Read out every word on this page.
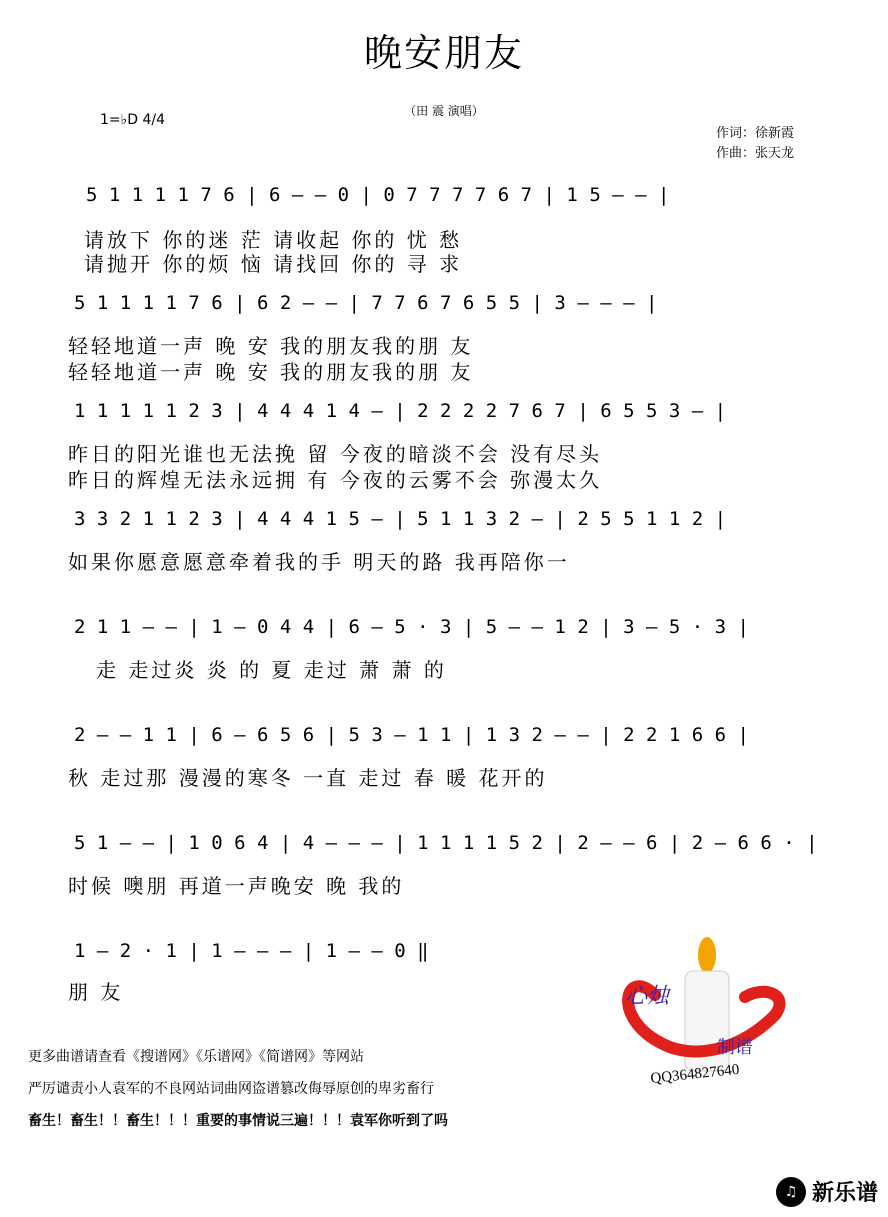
晚安朋友
（田 震 演唱）
1=♭D 4/4
作词：徐新霞
作曲：张天龙
5 1 1 1 1 7 6 | 6 – – 0 | 0 7 7 7 7 6 7 | 1 5 – – |
请放下 你的迷 茫 请收起 你的 忧 愁
请抛开 你的烦 恼 请找回 你的 寻 求
5 1 1 1 1 7 6 | 6 2 – – | 7 7 6 7 6 5 5 | 3 – – – |
轻轻地道一声 晚 安 我的朋友我的朋 友
轻轻地道一声 晚 安 我的朋友我的朋 友
1 1 1 1 1 2 3 | 4 4 4 1 4 – | 2 2 2 2 7 6 7 | 6 5 5 3 – |
昨日的阳光谁也无法挽 留 今夜的暗淡不会 没有尽头
昨日的辉煌无法永远拥 有 今夜的云雾不会 弥漫太久
3 3 2 1 1 2 3 | 4 4 4 1 5 – | 5 1 1 3 2 – | 2 5 5 1 1 2 |
如果你愿意愿意牵着我的手 明天的路 我再陪你一
2 1 1 – – | 1 – 0 4 4 | 6 – 5 · 3 | 5 – – 1 2 | 3 – 5 · 3 |
走 走过炎 炎 的 夏 走过 萧 萧 的
2 – – 1 1 | 6 – 6 5 6 | 5 3 – 1 1 | 1 3 2 – – | 2 2 1 6 6 |
秋 走过那 漫漫的寒冬 一直 走过 春 暖 花开的
5 1 – – | 1 0 6 4 | 4 – – – | 1 1 1 1 5 2 | 2 – – 6 | 2 – 6 6 · |
时候 噢朋 再道一声晚安 晚 我的
1 – 2 · 1 | 1 – – – | 1 – – 0 ‖
朋 友	心烛
制谱
QQ364827640
更多曲谱请查看《搜谱网》《乐谱网》《简谱网》等网站
严厉谴责小人袁军的不良网站词曲网盗谱篡改侮辱原创的卑劣畜行
畜生！畜生！！畜生！！！重要的事情说三遍！！！袁军你听到了吗
♫ 新乐谱
